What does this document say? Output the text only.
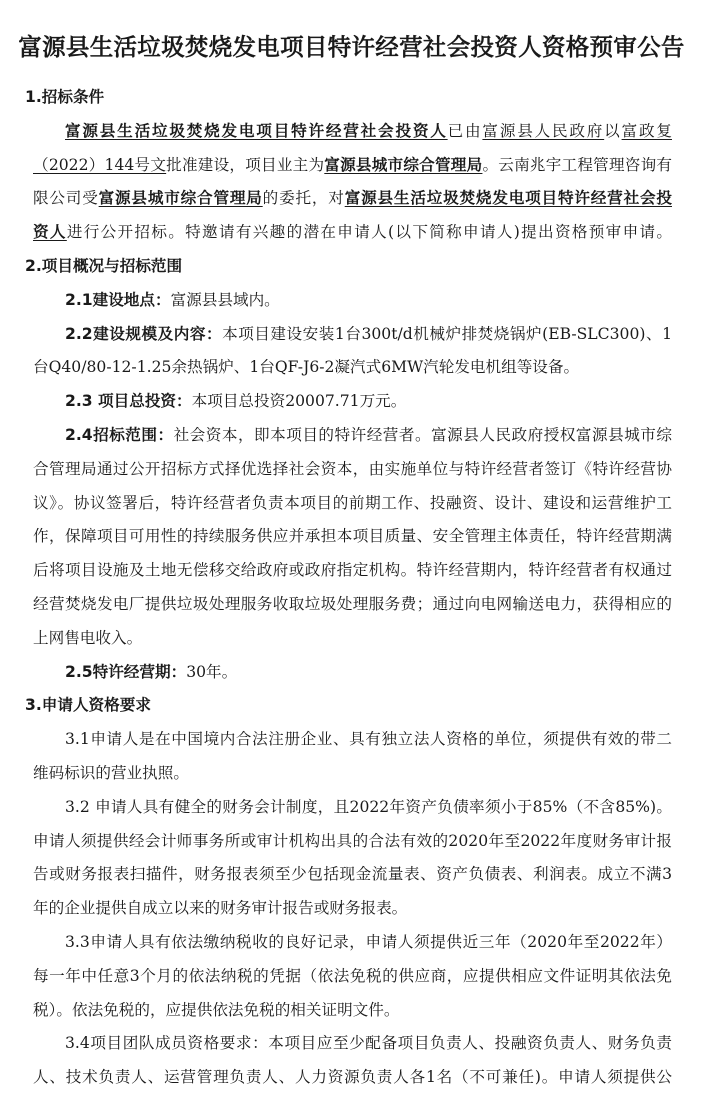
富源县生活垃圾焚烧发电项目特许经营社会投资人资格预审公告
1.招标条件
富源县生活垃圾焚烧发电项目特许经营社会投资人已由富源县人民政府以富政复
（2022）144号文批准建设，项目业主为富源县城市综合管理局。云南兆宇工程管理咨询有
限公司受富源县城市综合管理局的委托，对富源县生活垃圾焚烧发电项目特许经营社会投
资人进行公开招标。特邀请有兴趣的潜在申请人(以下简称申请人)提出资格预审申请。
2.项目概况与招标范围
2.1建设地点：富源县县域内。
2.2建设规模及内容：本项目建设安装1台300t/d机械炉排焚烧锅炉(EB-SLC300)、1
台Q40/80-12-1.25余热锅炉、1台QF-J6-2凝汽式6MW汽轮发电机组等设备。
2.3 项目总投资：本项目总投资20007.71万元。
2.4招标范围：社会资本，即本项目的特许经营者。富源县人民政府授权富源县城市综
合管理局通过公开招标方式择优选择社会资本，由实施单位与特许经营者签订《特许经营协
议》。协议签署后，特许经营者负责本项目的前期工作、投融资、设计、建设和运营维护工
作，保障项目可用性的持续服务供应并承担本项目质量、安全管理主体责任，特许经营期满
后将项目设施及土地无偿移交给政府或政府指定机构。特许经营期内，特许经营者有权通过
经营焚烧发电厂提供垃圾处理服务收取垃圾处理服务费；通过向电网输送电力，获得相应的
上网售电收入。
2.5特许经营期：30年。
3.申请人资格要求
3.1申请人是在中国境内合法注册企业、具有独立法人资格的单位，须提供有效的带二
维码标识的营业执照。
3.2 申请人具有健全的财务会计制度，且2022年资产负债率须小于85%（不含85%)。
申请人须提供经会计师事务所或审计机构出具的合法有效的2020年至2022年度财务审计报
告或财务报表扫描件，财务报表须至少包括现金流量表、资产负债表、利润表。成立不满3
年的企业提供自成立以来的财务审计报告或财务报表。
3.3申请人具有依法缴纳税收的良好记录，申请人须提供近三年（2020年至2022年）
每一年中任意3个月的依法纳税的凭据（依法免税的供应商，应提供相应文件证明其依法免
税）。依法免税的，应提供依法免税的相关证明文件。
3.4项目团队成员资格要求：本项目应至少配备项目负责人、投融资负责人、财务负责
人、技术负责人、运营管理负责人、人力资源负责人各1名（不可兼任)。申请人须提供公
